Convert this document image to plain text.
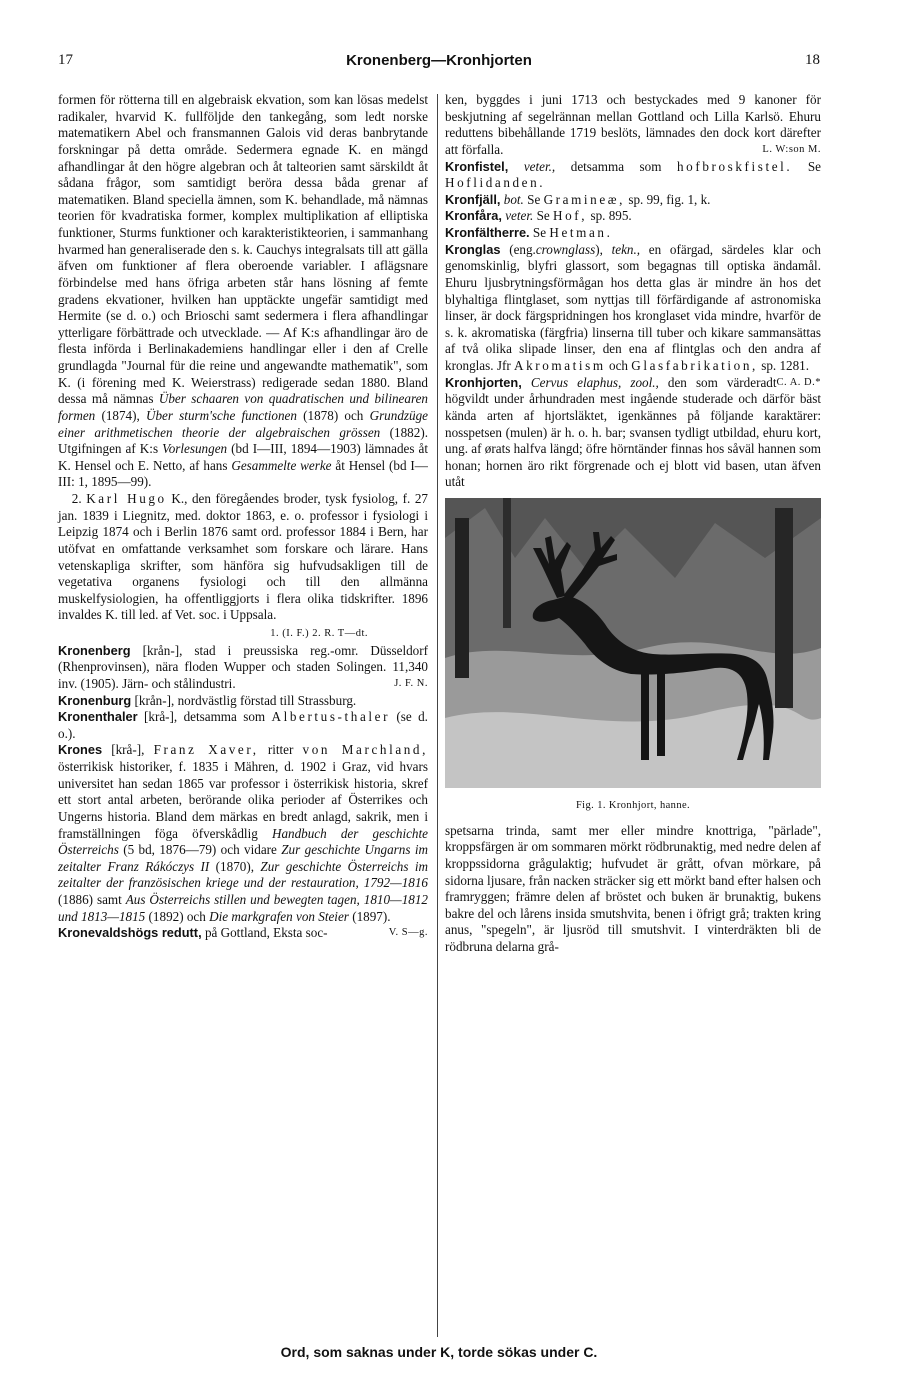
17	Kronenberg—Kronhjorten	18

formen för rötterna till en algebraisk ekvation, som kan lösas medelst radikaler, hvarvid K. fullföljde den tankegång, som ledt norske matematikern Abel och fransmannen Galois vid deras banbrytande forskningar på detta område. Sedermera egnade K. en mängd afhandlingar åt den högre algebran och åt talteorien samt särskildt åt sådana frågor, som samtidigt beröra dessa båda grenar af matematiken. Bland speciella ämnen, som K. behandlade, må nämnas teorien för kvadratiska former, komplex multiplikation af elliptiska funktioner, Sturms funktioner och karakteristikteorien, i sammanhang hvarmed han generaliserade den s. k. Cauchys integralsats till att gälla äfven om funktioner af flera oberoende variabler. I aflägsnare förbindelse med hans öfriga arbeten står hans lösning af femte gradens ekvationer, hvilken han upptäckte ungefär samtidigt med Hermite (se d. o.) och Brioschi samt sedermera i flera afhandlingar ytterligare förbättrade och utvecklade. — Af K:s afhandlingar äro de flesta införda i Berlinakademiens handlingar eller i den af Crelle grundlagda "Journal für die reine und angewandte mathematik", som K. (i förening med K. Weierstrass) redigerade sedan 1880. Bland dessa må nämnas Über schaaren von quadratischen und bilinearen formen (1874), Über sturm'sche functionen (1878) och Grundzüge einer arithmetischen theorie der algebraischen grössen (1882). Utgifningen af K:s Vorlesungen (bd I—III, 1894—1903) lämnades åt K. Hensel och E. Netto, af hans Gesammelte werke åt Hensel (bd I—III: 1, 1895—99).

2. Karl Hugo K., den föregåendes broder, tysk fysiolog, f. 27 jan. 1839 i Liegnitz, med. doktor 1863, e. o. professor i fysiologi i Leipzig 1874 och i Berlin 1876 samt ord. professor 1884 i Bern, har utöfvat en omfattande verksamhet som forskare och lärare. Hans vetenskapliga skrifter, som hänföra sig hufvudsakligen till de vegetativa organens fysiologi och till den allmänna muskelfysiologien, ha offentliggjorts i flera olika tidskrifter. 1896 invaldes K. till led. af Vet. soc. i Uppsala.

1. (I. F.) 2. R. T—dt.

Kronenberg [krån-], stad i preussiska reg.-omr. Düsseldorf (Rhenprovinsen), nära floden Wupper och staden Solingen. 11,340 inv. (1905). Järn- och stålindustri.	J. F. N.

Kronenburg [krån-], nordvästlig förstad till Strassburg.

Kronenthaler [krå-], detsamma som Albertus-thaler (se d. o.).

Krones [krå-], Franz Xaver, ritter von Marchland, österrikisk historiker, f. 1835 i Mähren, d. 1902 i Graz, vid hvars universitet han sedan 1865 var professor i österrikisk historia, skref ett stort antal arbeten, berörande olika perioder af Österrikes och Ungerns historia. Bland dem märkas en bredt anlagd, sakrik, men i framställningen föga öfverskådlig Handbuch der geschichte Österreichs (5 bd, 1876—79) och vidare Zur geschichte Ungarns im zeitalter Franz Rákóczys II (1870), Zur geschichte Österreichs im zeitalter der französischen kriege und der restauration, 1792—1816 (1886) samt Aus Österreichs stillen und bewegten tagen, 1810—1812 und 1813—1815 (1892) och Die markgrafen von Steier (1897).
V. S—g.

Kronevaldshögs redutt, på Gottland, Eksta soc-

ken, byggdes i juni 1713 och bestyckades med 9 kanoner för beskjutning af segelrännan mellan Gottland och Lilla Karlsö. Ehuru reduttens bibehållande 1719 beslöts, lämnades den dock kort därefter att förfalla.	L. W:son M.

Kronfistel, veter., detsamma som hofbroskfistel. Se Hoflidanden.

Kronfjäll, bot. Se Gramineæ, sp. 99, fig. 1, k.

Kronfåra, veter. Se Hof, sp. 895.

Kronfältherre. Se Hetman.

Kronglas (eng.crownglass), tekn., en ofärgad, särdeles klar och genomskinlig, blyfri glassort, som begagnas till optiska ändamål. Ehuru ljusbrytningsförmågan hos detta glas är mindre än hos det blyhaltiga flintglaset, som nyttjas till förfärdigande af astronomiska linser, är dock färgspridningen hos kronglaset vida mindre, hvarför de s. k. akromatiska (färgfria) linserna till tuber och kikare sammansättas af två olika slipade linser, den ena af flintglas och den andra af kronglas. Jfr Akromatism och Glasfabrikation, sp. 1281.
C. A. D.*

Kronhjorten, Cervus elaphus, zool., den som värderadt högvildt under århundraden mest ingående studerade och därför bäst kända arten af hjortsläktet, igenkännes på följande karaktärer: nosspetsen (mulen) är h. o. h. bar; svansen tydligt utbildad, ehuru kort, ung. af ørats halfva längd; öfre hörntänder finnas hos såväl hannen som honan; hornen äro rikt förgrenade och ej blott vid basen, utan äfven utåt

Fig. 1. Kronhjort, hanne.

spetsarna trinda, samt mer eller mindre knottriga, "pärlade", kroppsfärgen är om sommaren mörkt rödbrunaktig, med nedre delen af kroppssidorna grågulaktig; hufvudet är grått, ofvan mörkare, på sidorna ljusare, från nacken sträcker sig ett mörkt band efter halsen och framryggen; främre delen af bröstet och buken är brunaktig, bukens bakre del och lårens insida smutshvita, benen i öfrigt grå; trakten kring anus, "spegeln", är ljusröd till smutshvit. I vinterdräkten bli de rödbruna delarna grå-

Ord, som saknas under K, torde sökas under C.
